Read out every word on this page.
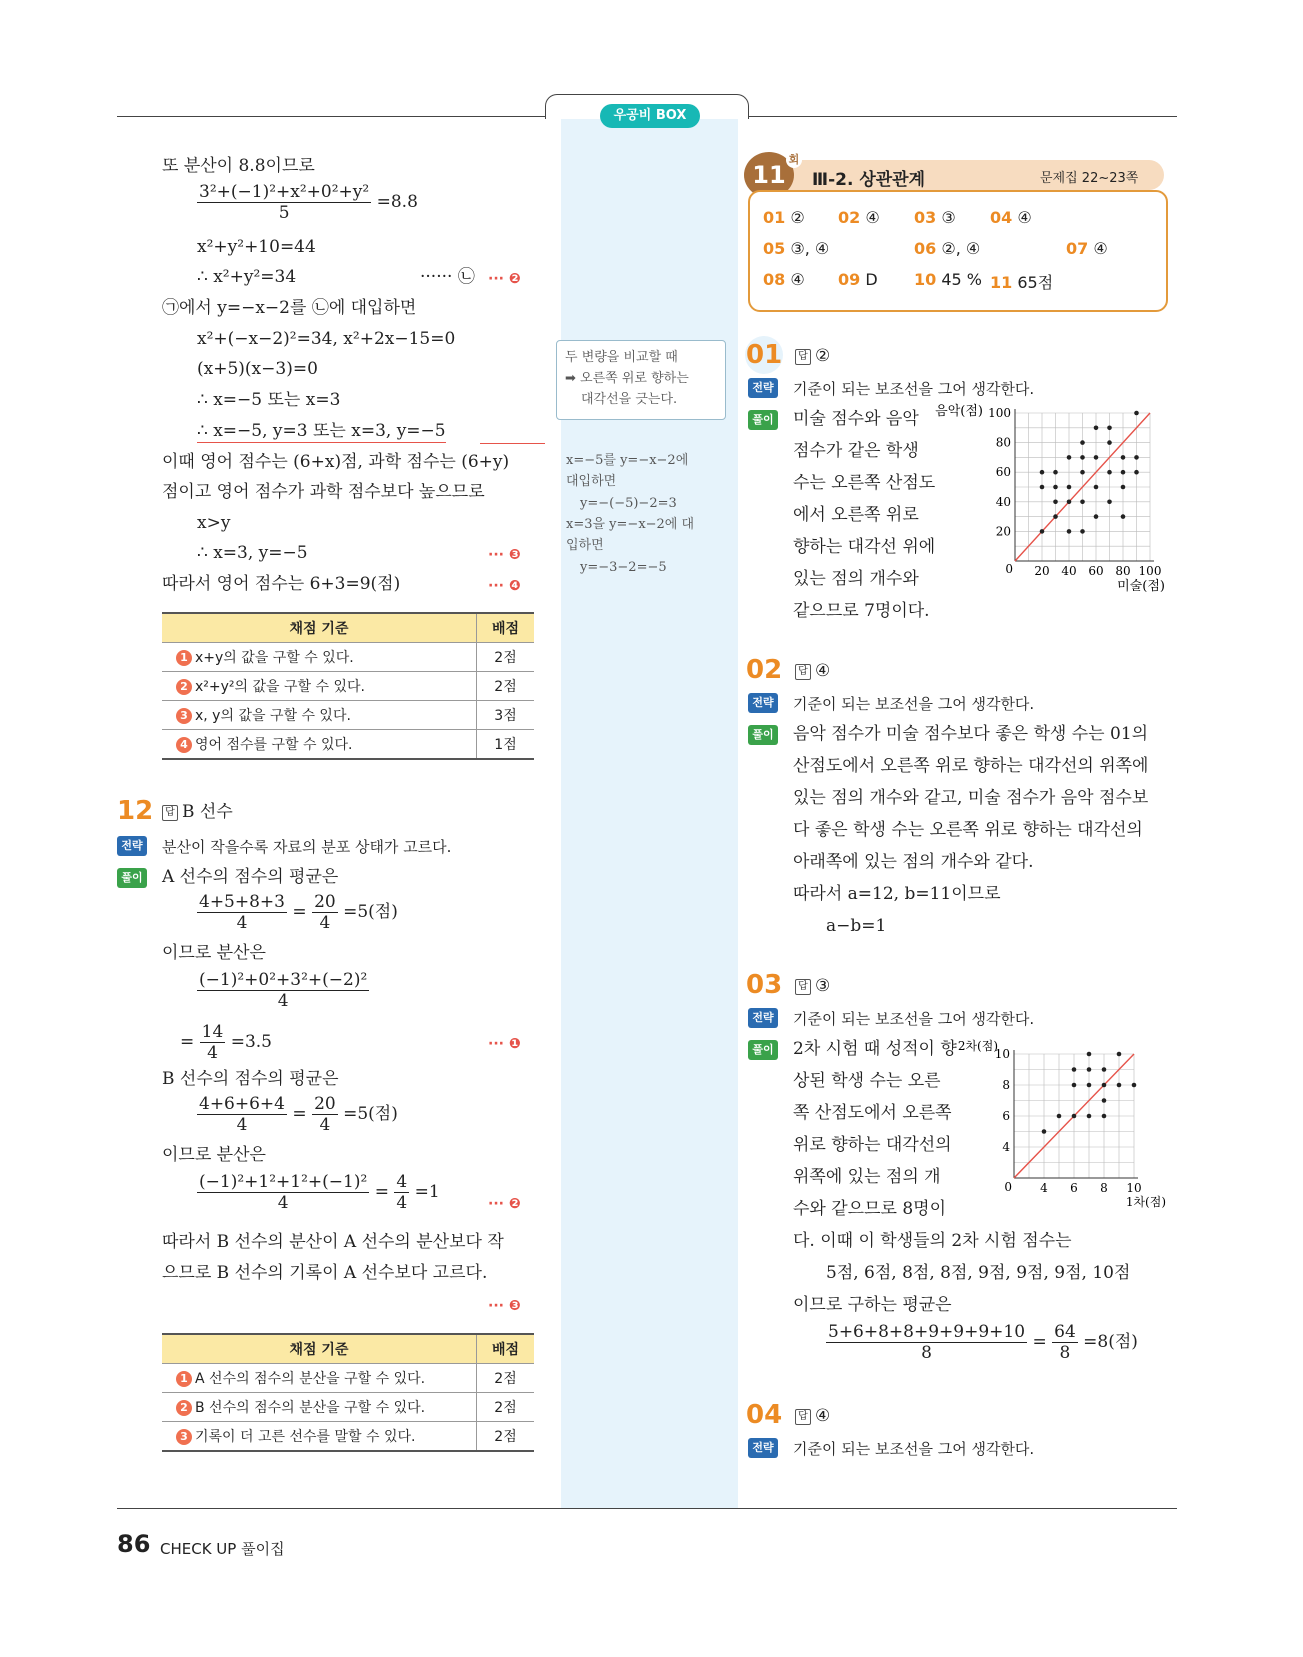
우공비 BOX
또 분산이 8.8이므로
$\frac{\text{3²+(−1)²+x²+0²+y²}}{5} =8.8$
x²+y²+10=44
∴ x²+y²=34	······ ㉡ ··· ❷
㉠에서 y=−x−2를 ㉡에 대입하면
x²+(−x−2)²=34, x²+2x−15=0
(x+5)(x−3)=0
∴ x=−5 또는 x=3
∴ x=−5, y=3 또는 x=3, y=−5
이때 영어 점수는 (6+x)점, 과학 점수는 (6+y)
점이고 영어 점수가 과학 점수보다 높으므로
x>y
∴ x=3, y=−5	··· ❸
따라서 영어 점수는 6+3=9(점)	··· ❹
채점 기준	배점
1 x+y의 값을 구할 수 있다.	2점
2 x²+y²의 값을 구할 수 있다.	2점
3 x, y의 값을 구할 수 있다.	3점
4 영어 점수를 구할 수 있다.	1점
12	답 B 선수
전략 분산이 작을수록 자료의 분포 상태가 고르다.
풀이 A 선수의 점수의 평균은
$\frac{4+5+8+3}{4} = \frac{20}{4} =5$(점)
이므로 분산은
$\frac{\text{(−1)²+0²+3²+(−2)²}}{4}$
= $\frac{14}{4} =3.5$	··· ❶
B 선수의 점수의 평균은
$\frac{4+6+6+4}{4} = \frac{20}{4} =5$(점)
이므로 분산은
$\frac{\text{(−1)²+1²+1²+(−1)²}}{4} = \frac{4}{4} =1$
··· ❷
따라서 B 선수의 분산이 A 선수의 분산보다 작
으므로 B 선수의 기록이 A 선수보다 고르다.
··· ❸
채점 기준	배점
1 A 선수의 점수의 분산을 구할 수 있다.	2점
2 B 선수의 점수의 분산을 구할 수 있다.	2점
3 기록이 더 고른 선수를 말할 수 있다.	2점
두 변량을 비교할 때
➡ 오른쪽 위로 향하는
대각선을 긋는다.
x=−5를 y=−x−2에
대입하면
y=−(−5)−2=3
x=3을 y=−x−2에 대
입하면
y=−3−2=−5
11
회
Ⅲ-2. 상관관계	문제집 22~23쪽
01 ② 02 ④ 03 ③ 04 ④
05 ③, ④	06 ②, ④	07 ④
08 ④ 09 D 10 45 % 11 65점
01	답 ②
전략 기준이 되는 보조선을 그어 생각한다.
풀이 미술 점수와 음악
점수가 같은 학생
수는 오른쪽 산점도
에서 오른쪽 위로
향하는 대각선 위에
있는 점의 개수와
같으므로 7명이다.
음악(점)
미술(점)
0 20 40 60 80 100
100
80
60
40
20
02	답 ④
전략 기준이 되는 보조선을 그어 생각한다.
풀이 음악 점수가 미술 점수보다 좋은 학생 수는 01의
산점도에서 오른쪽 위로 향하는 대각선의 위쪽에
있는 점의 개수와 같고, 미술 점수가 음악 점수보
다 좋은 학생 수는 오른쪽 위로 향하는 대각선의
아래쪽에 있는 점의 개수와 같다.
따라서 a=12, b=11이므로
a−b=1
03	답 ③
전략 기준이 되는 보조선을 그어 생각한다.
풀이 2차 시험 때 성적이 향
상된 학생 수는 오른
쪽 산점도에서 오른쪽
위로 향하는 대각선의
위쪽에 있는 점의 개
수와 같으므로 8명이
다. 이때 이 학생들의 2차 시험 점수는
5점, 6점, 8점, 8점, 9점, 9점, 9점, 10점
이므로 구하는 평균은
$\frac{5+6+8+8+9+9+9+10}{8} = \frac{64}{8} =8$(점)
2차(점)
1차(점)
0 4 6 8 10
10
8
6
4
04	답 ④
전략 기준이 되는 보조선을 그어 생각한다.
86 CHECK UP 풀이집
